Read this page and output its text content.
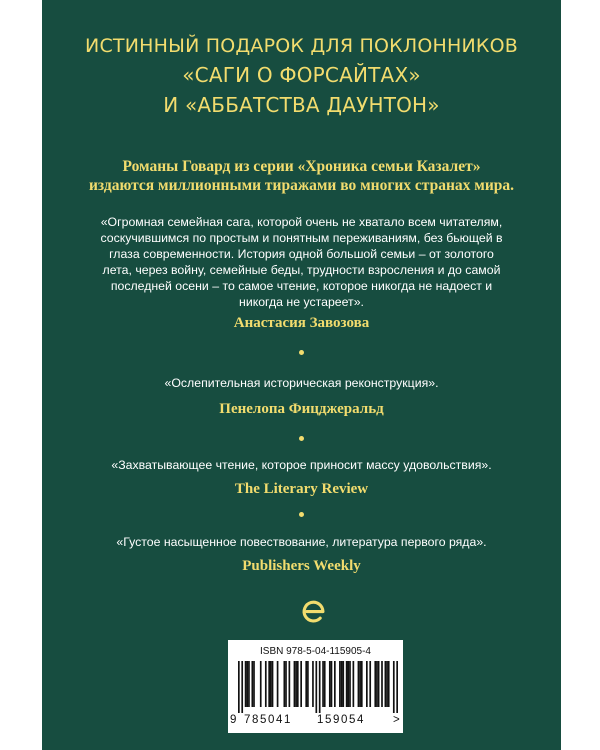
ИСТИННЫЙ ПОДАРОК ДЛЯ ПОКЛОННИКОВ
«САГИ О ФОРСАЙТАХ»
И «АББАТСТВА ДАУНТОН»
Романы Говард из серии «Хроника семьи Казалет»
издаются миллионными тиражами во многих странах мира.
«Огромная семейная сага, которой очень не хватало всем читателям,
соскучившимся по простым и понятным переживаниям, без бьющей в
глаза современности. История одной большой семьи – от золотого
лета, через войну, семейные беды, трудности взросления и до самой
последней осени – то самое чтение, которое никогда не надоест и
никогда не устареет».
Анастасия Завозова
«Ослепительная историческая реконструкция».
Пенелопа Фицджеральд
«Захватывающее чтение, которое приносит массу удовольствия».
The Literary Review
«Густое насыщенное повествование, литература первого ряда».
Publishers Weekly
ISBN 978-5-04-115905-4
9 785041 159054 >
